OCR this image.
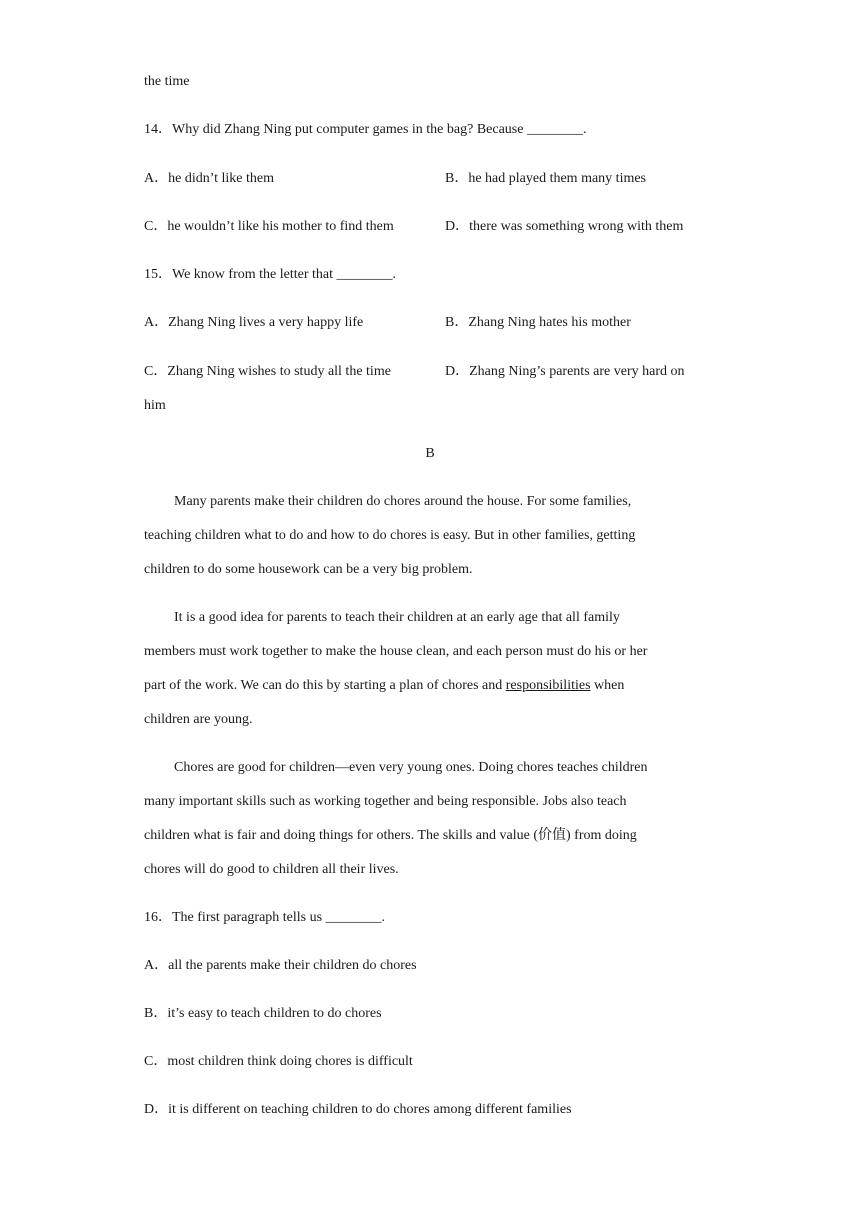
the time
14．Why did Zhang Ning put computer games in the bag? Because ________.
A．he didn’t like them	B．he had played them many times
C．he wouldn’t like his mother to find them	D．there was something wrong with them
15．We know from the letter that ________.
A．Zhang Ning lives a very happy life	B．Zhang Ning hates his mother
C．Zhang Ning wishes to study all the time	D．Zhang Ning’s parents are very hard on
him
B
Many parents make their children do chores around the house. For some families,
teaching children what to do and how to do chores is easy. But in other families, getting
children to do some housework can be a very big problem.
It is a good idea for parents to teach their children at an early age that all family
members must work together to make the house clean, and each person must do his or her
part of the work. We can do this by starting a plan of chores and responsibilities when
children are young.
Chores are good for children—even very young ones. Doing chores teaches children
many important skills such as working together and being responsible. Jobs also teach
children what is fair and doing things for others. The skills and value (价值) from doing
chores will do good to children all their lives.
16．The first paragraph tells us ________.
A．all the parents make their children do chores
B．it’s easy to teach children to do chores
C．most children think doing chores is difficult
D．it is different on teaching children to do chores among different families
